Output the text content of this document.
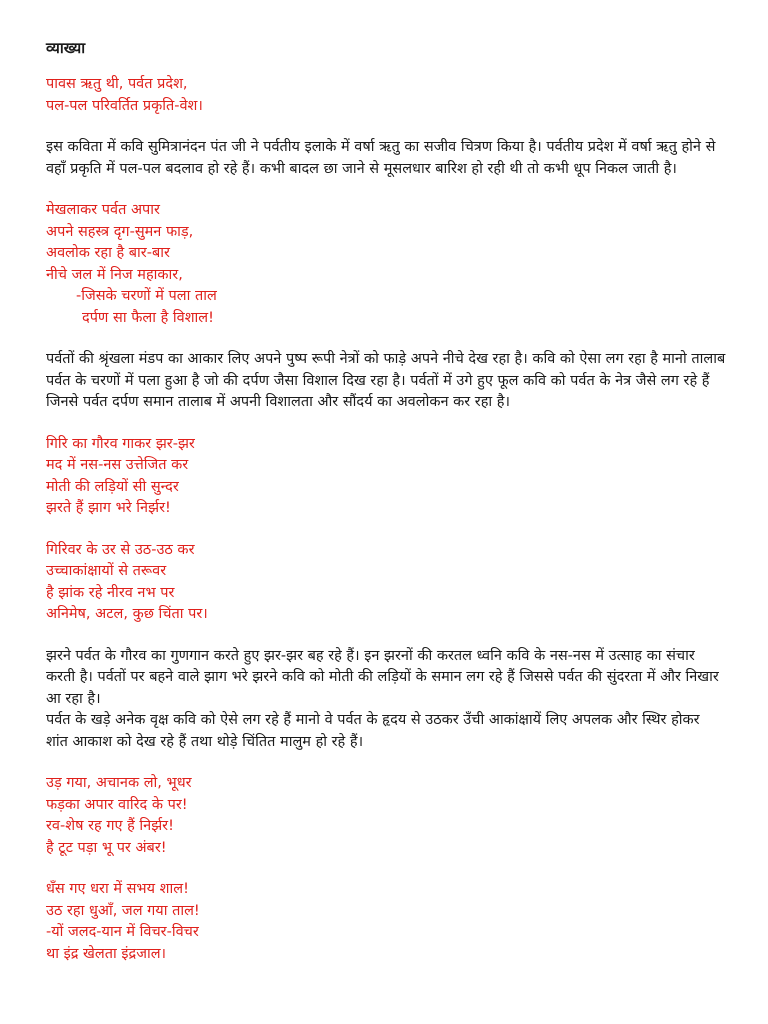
व्याख्या
पावस ऋतु थी, पर्वत प्रदेश,
पल-पल परिवर्तित प्रकृति-वेश।
इस कविता में कवि सुमित्रानंदन पंत जी ने पर्वतीय इलाके में वर्षा ऋतु का सजीव चित्रण किया है। पर्वतीय प्रदेश में वर्षा ऋतु होने से वहाँ प्रकृति में पल-पल बदलाव हो रहे हैं। कभी बादल छा जाने से मूसलधार बारिश हो रही थी तो कभी धूप निकल जाती है।
मेखलाकर पर्वत अपार
अपने सहस्त्र दृग-सुमन फाड़,
अवलोक रहा है बार-बार
नीचे जल में निज महाकार,
-जिसके चरणों में पला ताल
दर्पण सा फैला है विशाल!
पर्वतों की श्रृंखला मंडप का आकार लिए अपने पुष्प रूपी नेत्रों को फाड़े अपने नीचे देख रहा है। कवि को ऐसा लग रहा है मानो तालाब पर्वत के चरणों में पला हुआ है जो की दर्पण जैसा विशाल दिख रहा है। पर्वतों में उगे हुए फूल कवि को पर्वत के नेत्र जैसे लग रहे हैं जिनसे पर्वत दर्पण समान तालाब में अपनी विशालता और सौंदर्य का अवलोकन कर रहा है।
गिरि का गौरव गाकर झर-झर
मद में नस-नस उत्तेजित कर
मोती की लड़ियों सी सुन्दर
झरते हैं झाग भरे निर्झर!
गिरिवर के उर से उठ-उठ कर
उच्चाकांक्षायों से तरूवर
है झांक रहे नीरव नभ पर
अनिमेष, अटल, कुछ चिंता पर।
झरने पर्वत के गौरव का गुणगान करते हुए झर-झर बह रहे हैं। इन झरनों की करतल ध्वनि कवि के नस-नस में उत्साह का संचार करती है। पर्वतों पर बहने वाले झाग भरे झरने कवि को मोती की लड़ियों के समान लग रहे हैं जिससे पर्वत की सुंदरता में और निखार आ रहा है।
पर्वत के खड़े अनेक वृक्ष कवि को ऐसे लग रहे हैं मानो वे पर्वत के हृदय से उठकर उँची आकांक्षायें लिए अपलक और स्थिर होकर शांत आकाश को देख रहे हैं तथा थोड़े चिंतित मालुम हो रहे हैं।
उड़ गया, अचानक लो, भूधर
फड़का अपार वारिद के पर!
रव-शेष रह गए हैं निर्झर!
है टूट पड़ा भू पर अंबर!
धँस गए धरा में सभय शाल!
उठ रहा धुआँ, जल गया ताल!
-यों जलद-यान में विचर-विचर
था इंद्र खेलता इंद्रजाल।
